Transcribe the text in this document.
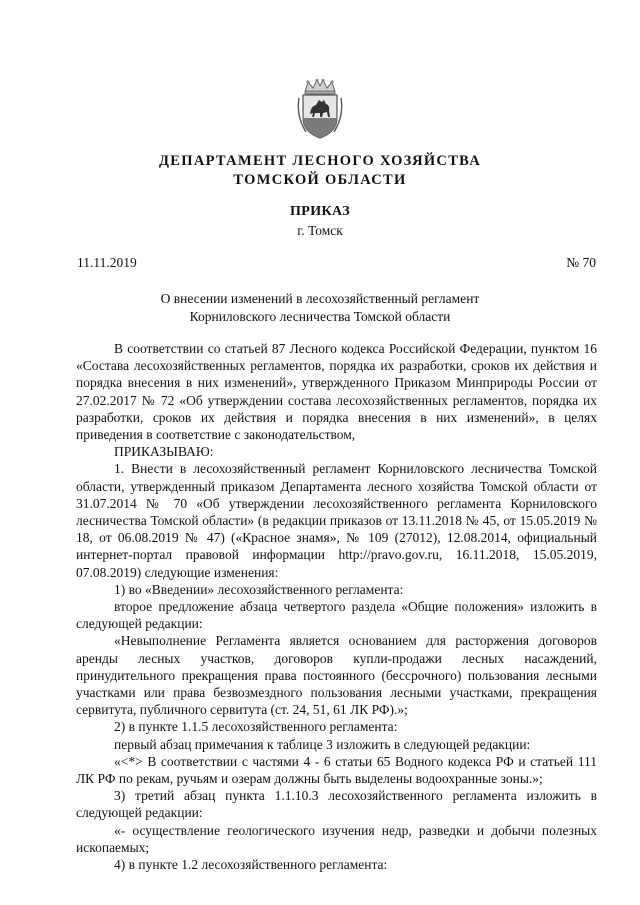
ДЕПАРТАМЕНТ ЛЕСНОГО ХОЗЯЙСТВА
ТОМСКОЙ ОБЛАСТИ
ПРИКАЗ
г. Томск
11.11.2019	№ 70
О внесении изменений в лесохозяйственный регламент
Корниловского лесничества Томской области

В соответствии со статьей 87 Лесного кодекса Российской Федерации, пунктом 16 «Состава лесохозяйственных регламентов, порядка их разработки, сроков их действия и порядка внесения в них изменений», утвержденного Приказом Минприроды России от 27.02.2017 № 72 «Об утверждении состава лесохозяйственных регламентов, порядка их разработки, сроков их действия и порядка внесения в них изменений», в целях приведения в соответствие с законодательством,

ПРИКАЗЫВАЮ:

1. Внести в лесохозяйственный регламент Корниловского лесничества Томской области, утвержденный приказом Департамента лесного хозяйства Томской области от 31.07.2014 № 70 «Об утверждении лесохозяйственного регламента Корниловского лесничества Томской области» (в редакции приказов от 13.11.2018 № 45, от 15.05.2019 № 18, от 06.08.2019 № 47) («Красное знамя», № 109 (27012), 12.08.2014, официальный интернет-портал правовой информации http://pravo.gov.ru, 16.11.2018, 15.05.2019, 07.08.2019) следующие изменения:

1) во «Введении» лесохозяйственного регламента:

второе предложение абзаца четвертого раздела «Общие положения» изложить в следующей редакции:

«Невыполнение Регламента является основанием для расторжения договоров аренды лесных участков, договоров купли-продажи лесных насаждений, принудительного прекращения права постоянного (бессрочного) пользования лесными участками или права безвозмездного пользования лесными участками, прекращения сервитута, публичного сервитута (ст. 24, 51, 61 ЛК РФ).»;

2) в пункте 1.1.5 лесохозяйственного регламента:

первый абзац примечания к таблице 3 изложить в следующей редакции:

«<*> В соответствии с частями 4 - 6 статьи 65 Водного кодекса РФ и статьей 111 ЛК РФ по рекам, ручьям и озерам должны быть выделены водоохранные зоны.»;

3) третий абзац пункта 1.1.10.3 лесохозяйственного регламента изложить в следующей редакции:

«- осуществление геологического изучения недр, разведки и добычи полезных ископаемых;

4) в пункте 1.2 лесохозяйственного регламента:
